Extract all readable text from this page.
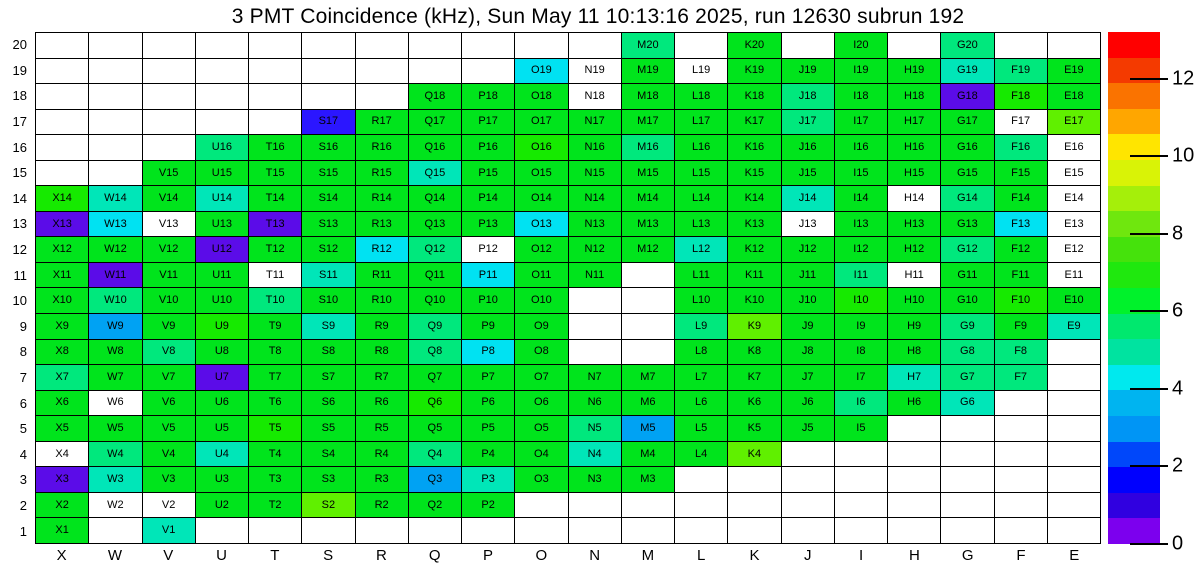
3 PMT Coincidence (kHz), Sun May 11 10:13:16 2025, run 12630 subrun 192
20
19
18
17
16
15
14
13
12
11
10
9
8
7
6
5
4
3
2
1
M20	K20	I20	G20
O19	N19	M19	L19	K19	J19	I19	H19	G19	F19	E19
Q18	P18	O18	N18	M18	L18	K18	J18	I18	H18	G18	F18	E18
S17	R17	Q17	P17	O17	N17	M17	L17	K17	J17	I17	H17	G17	F17	E17
U16	T16	S16	R16	Q16	P16	O16	N16	M16	L16	K16	J16	I16	H16	G16	F16	E16
V15	U15	T15	S15	R15	Q15	P15	O15	N15	M15	L15	K15	J15	I15	H15	G15	F15	E15
X14	W14	V14	U14	T14	S14	R14	Q14	P14	O14	N14	M14	L14	K14	J14	I14	H14	G14	F14	E14
X13	W13	V13	U13	T13	S13	R13	Q13	P13	O13	N13	M13	L13	K13	J13	I13	H13	G13	F13	E13
X12	W12	V12	U12	T12	S12	R12	Q12	P12	O12	N12	M12	L12	K12	J12	I12	H12	G12	F12	E12
X11	W11	V11	U11	T11	S11	R11	Q11	P11	O11	N11	L11	K11	J11	I11	H11	G11	F11	E11
X10	W10	V10	U10	T10	S10	R10	Q10	P10	O10	L10	K10	J10	I10	H10	G10	F10	E10
X9	W9	V9	U9	T9	S9	R9	Q9	P9	O9	L9	K9	J9	I9	H9	G9	F9	E9
X8	W8	V8	U8	T8	S8	R8	Q8	P8	O8	L8	K8	J8	I8	H8	G8	F8
X7	W7	V7	U7	T7	S7	R7	Q7	P7	O7	N7	M7	L7	K7	J7	I7	H7	G7	F7
X6	W6	V6	U6	T6	S6	R6	Q6	P6	O6	N6	M6	L6	K6	J6	I6	H6	G6
X5	W5	V5	U5	T5	S5	R5	Q5	P5	O5	N5	M5	L5	K5	J5	I5
X4	W4	V4	U4	T4	S4	R4	Q4	P4	O4	N4	M4	L4	K4
X3	W3	V3	U3	T3	S3	R3	Q3	P3	O3	N3	M3
X2	W2	V2	U2	T2	S2	R2	Q2	P2
X1	V1
X	W	V	U	T	S	R	Q	P	O	N	M	L	K	J	I	H	G	F	E
12
10
8
6
4
2
0
